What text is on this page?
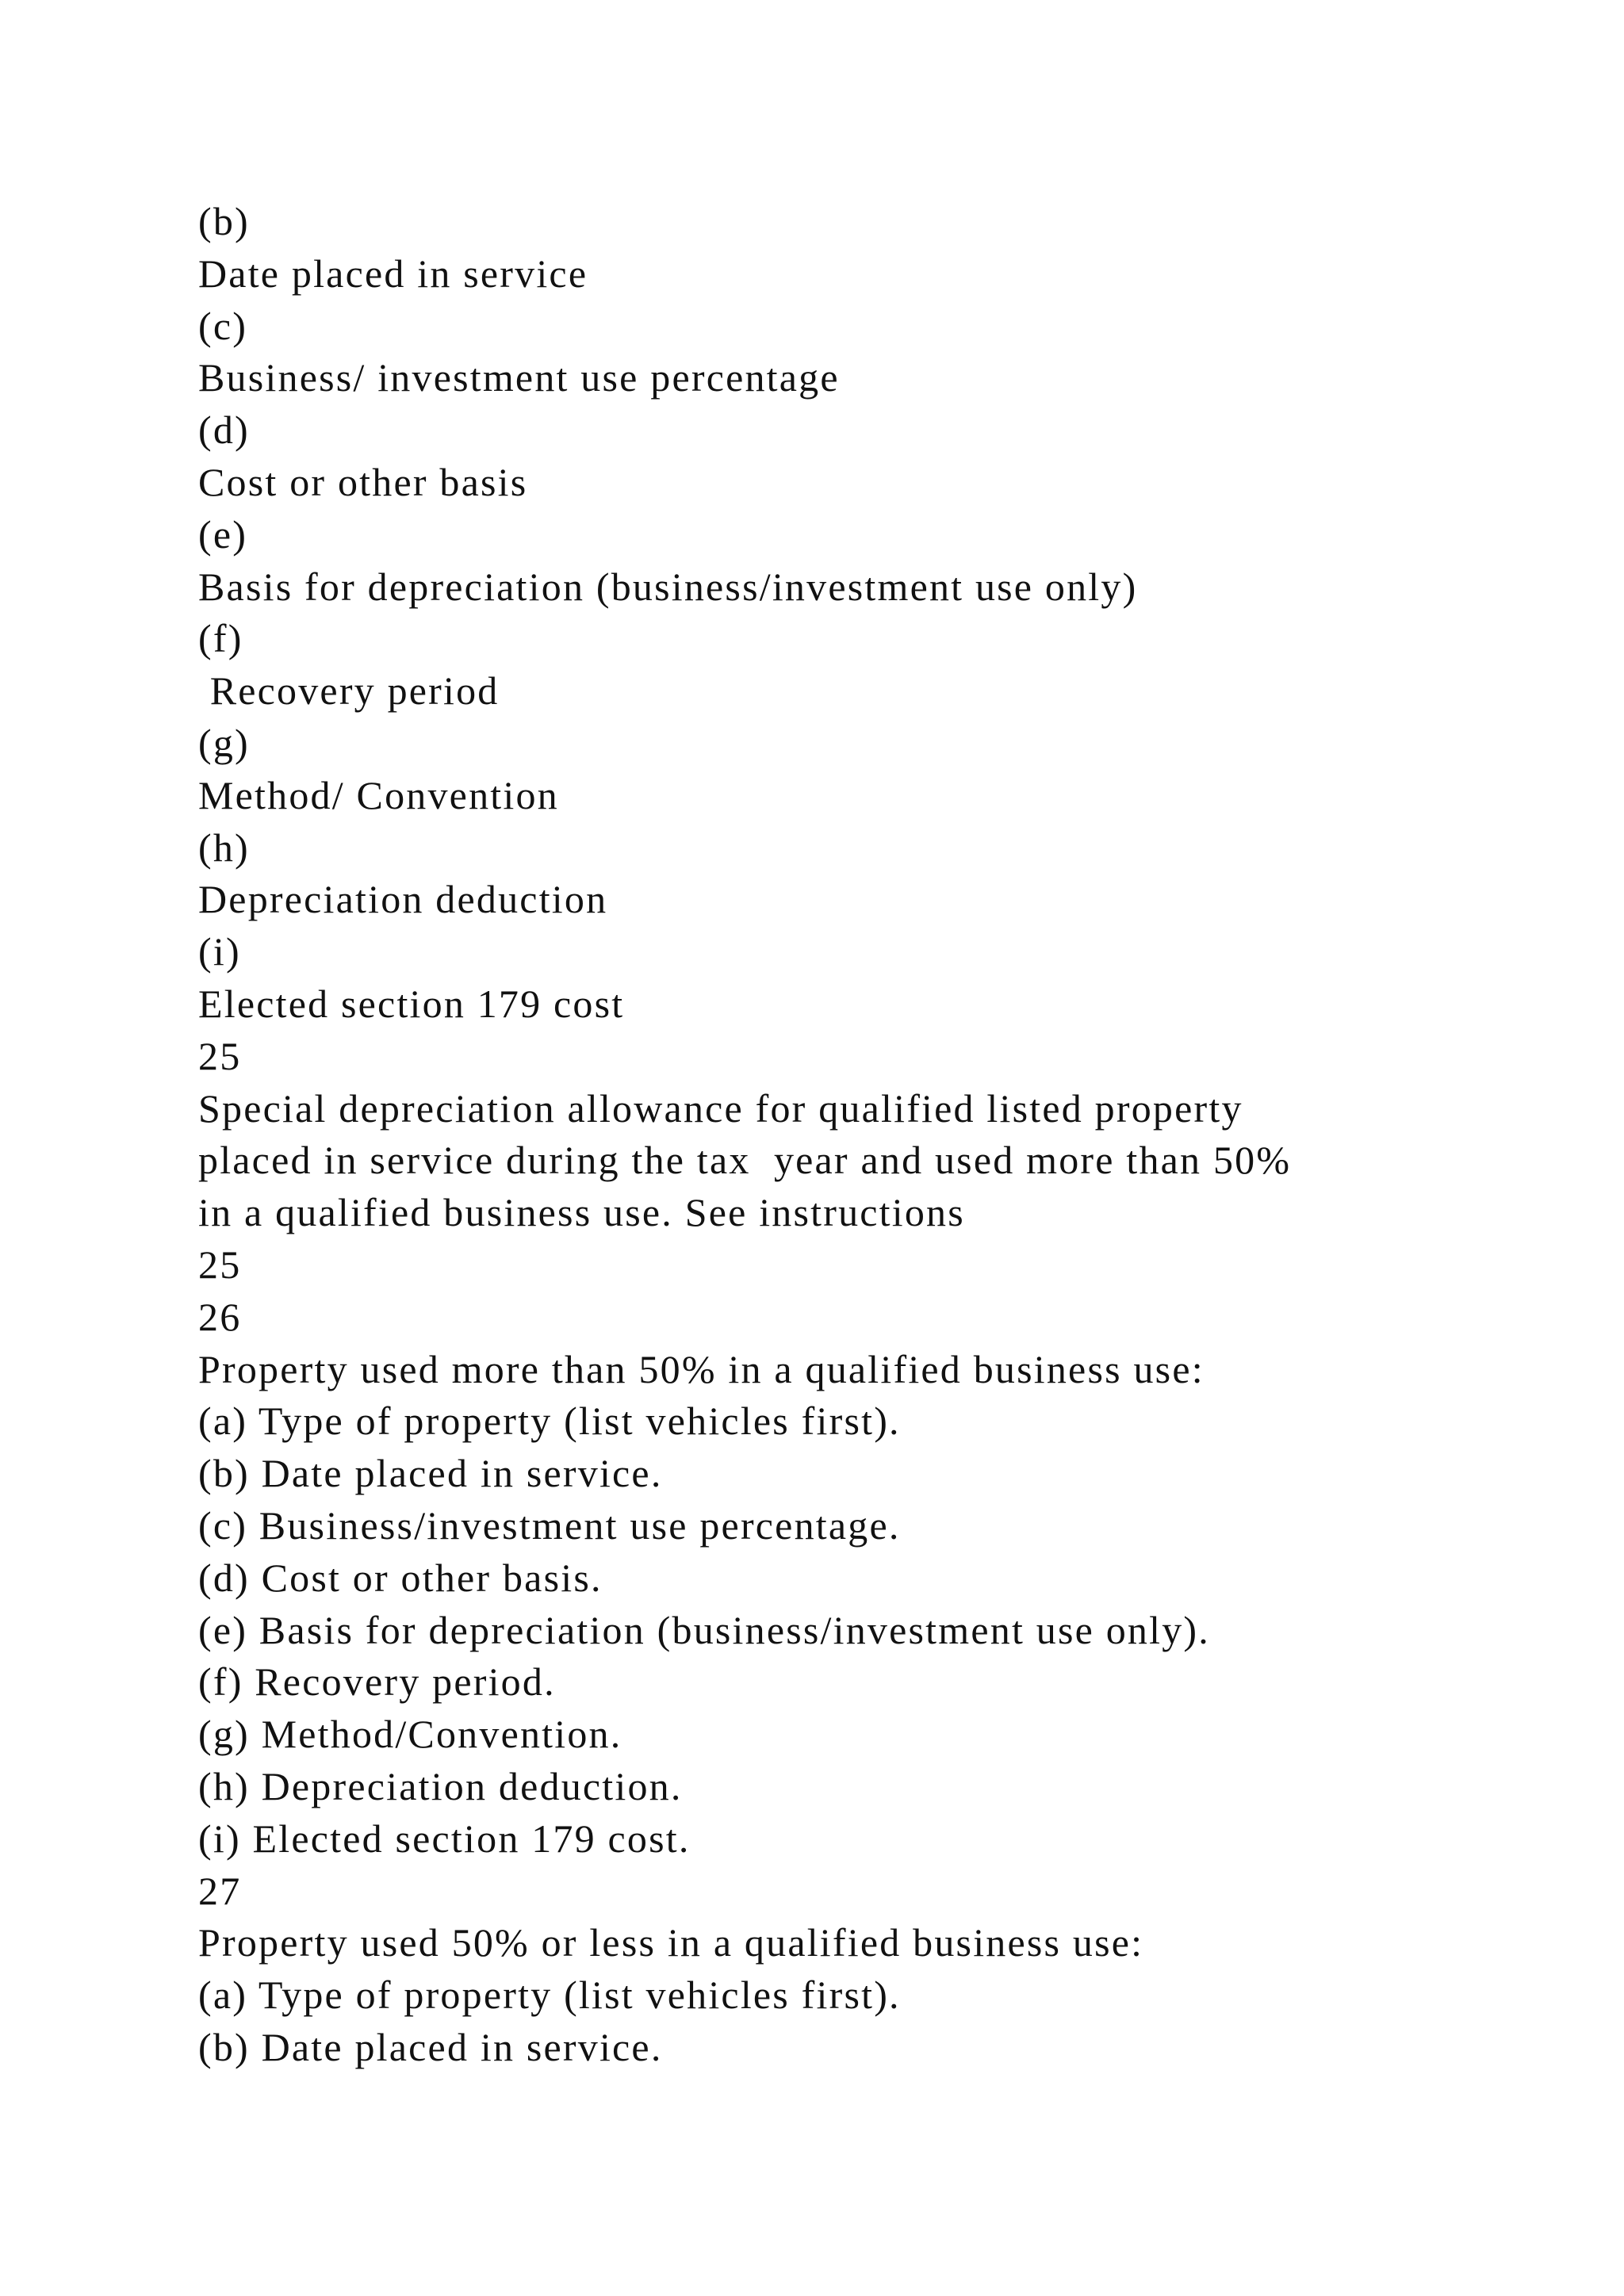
(b)
Date placed in service
(c)
Business/ investment use percentage
(d)
Cost or other basis
(e)
Basis for depreciation (business/investment use only)
(f)
Recovery period
(g)
Method/ Convention
(h)
Depreciation deduction
(i)
Elected section 179 cost
25
Special depreciation allowance for qualified listed property
placed in service during the tax  year and used more than 50%
in a qualified business use. See instructions
25
26
Property used more than 50% in a qualified business use:
(a) Type of property (list vehicles first).
(b) Date placed in service.
(c) Business/investment use percentage.
(d) Cost or other basis.
(e) Basis for depreciation (business/investment use only).
(f) Recovery period.
(g) Method/Convention.
(h) Depreciation deduction.
(i) Elected section 179 cost.
27
Property used 50% or less in a qualified business use:
(a) Type of property (list vehicles first).
(b) Date placed in service.
